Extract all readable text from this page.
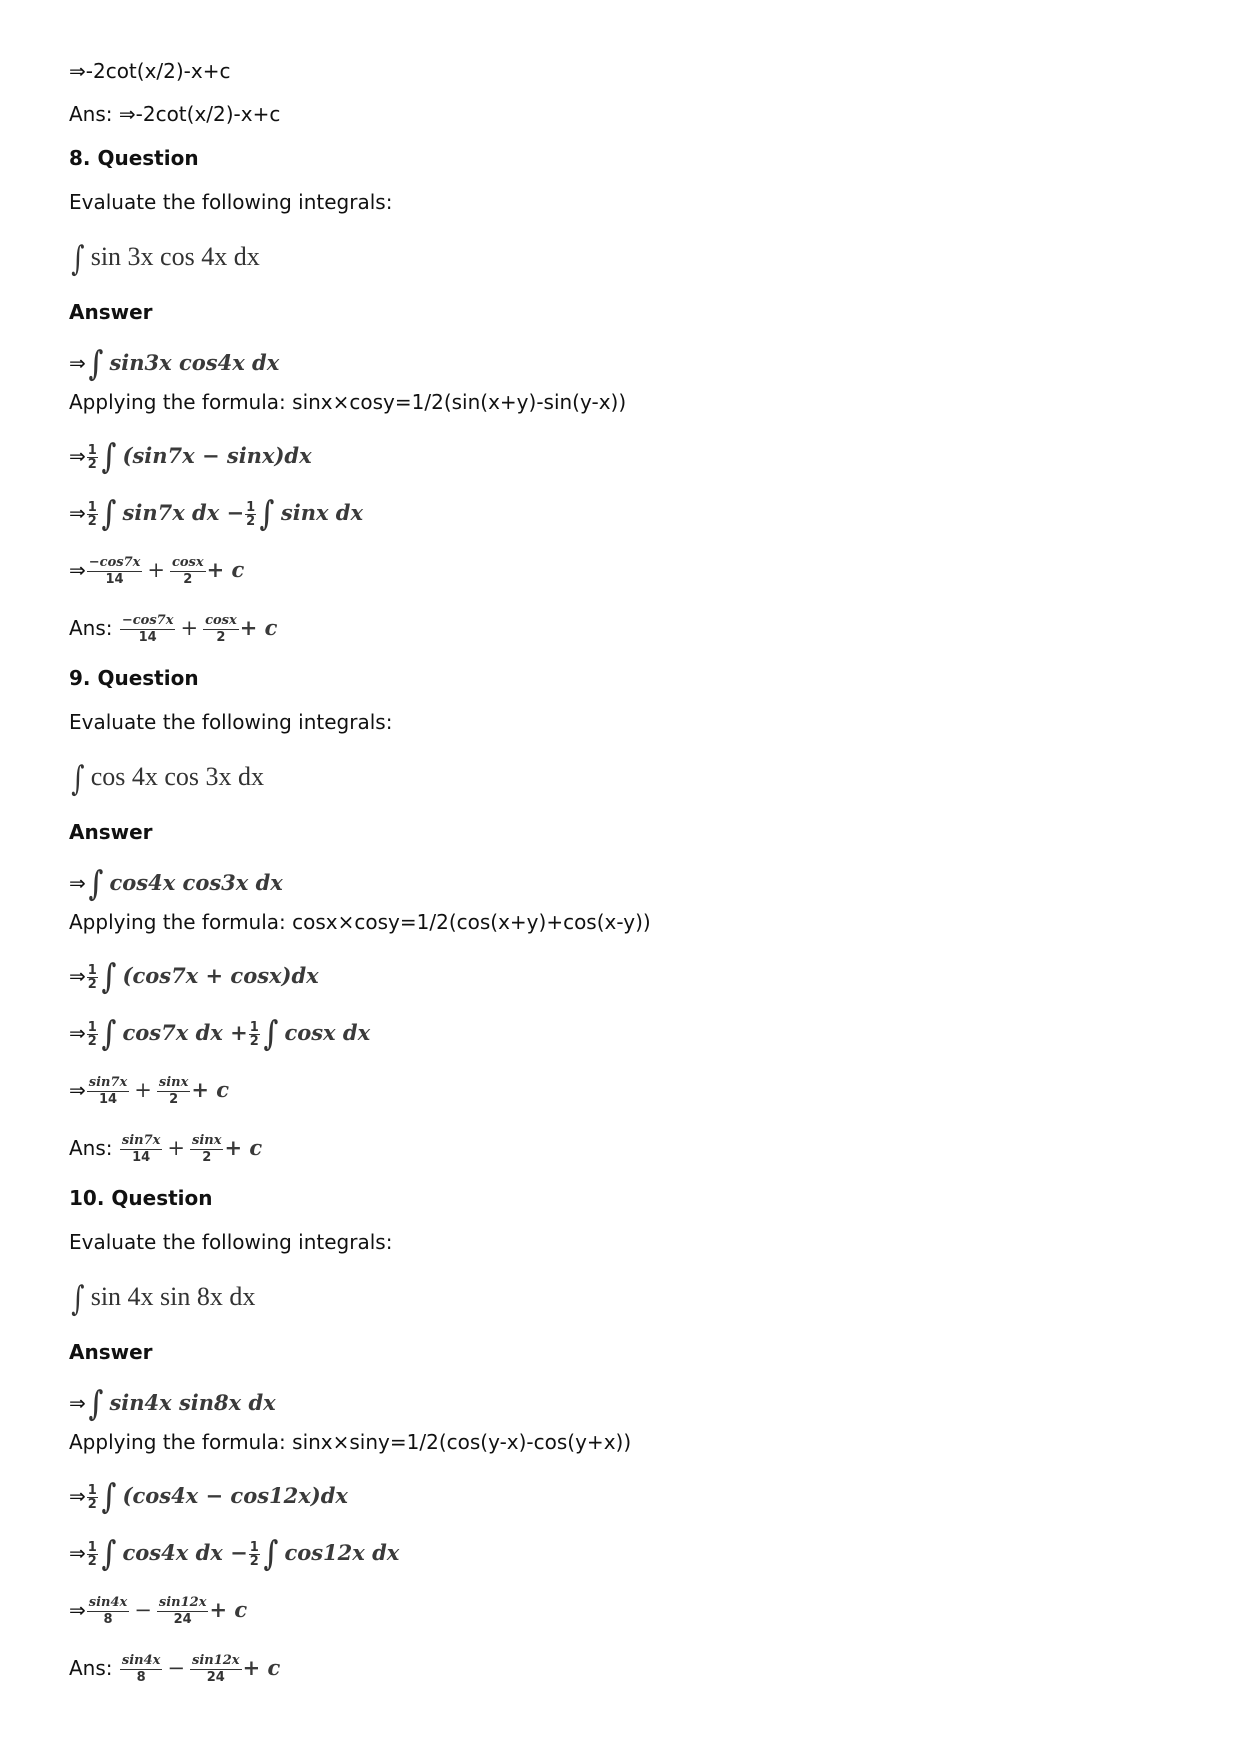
⇒-2cot(x/2)-x+c
Ans: ⇒-2cot(x/2)-x+c
8. Question
Evaluate the following integrals:
∫ sin 3x cos 4x dx
Answer
⇒∫ sin3x cos4x dx
Applying the formula: sinx×cosy=1/2(sin(x+y)-sin(y-x))
⇒ $\frac{1}{2}$ ∫ (sin7x − sinx)dx
⇒ $\frac{1}{2}$ ∫ sin7x dx − $\frac{1}{2}$ ∫ sinx dx
⇒ $\frac{-\cos 7x}{14} + \frac{\cos x}{2} + c$
Ans: $\frac{-\cos 7x}{14} + \frac{\cos x}{2} + c$
9. Question
Evaluate the following integrals:
∫ cos 4x cos 3x dx
Answer
⇒∫ cos4x cos3x dx
Applying the formula: cosx×cosy=1/2(cos(x+y)+cos(x-y))
⇒ $\frac{1}{2}$ ∫ (cos7x + cosx)dx
⇒ $\frac{1}{2}$ ∫ cos7x dx + $\frac{1}{2}$ ∫ cosx dx
⇒ $\frac{\sin 7x}{14} + \frac{\sin x}{2} + c$
Ans: $\frac{\sin 7x}{14} + \frac{\sin x}{2} + c$
10. Question
Evaluate the following integrals:
∫ sin 4x sin 8x dx
Answer
⇒∫ sin4x sin8x dx
Applying the formula: sinx×siny=1/2(cos(y-x)-cos(y+x))
⇒ $\frac{1}{2}$ ∫ (cos4x − cos12x)dx
⇒ $\frac{1}{2}$ ∫ cos4x dx − $\frac{1}{2}$ ∫ cos12x dx
⇒ $\frac{\sin 4x}{8} - \frac{\sin 12x}{24} + c$
Ans: $\frac{\sin 4x}{8} - \frac{\sin 12x}{24} + c$
